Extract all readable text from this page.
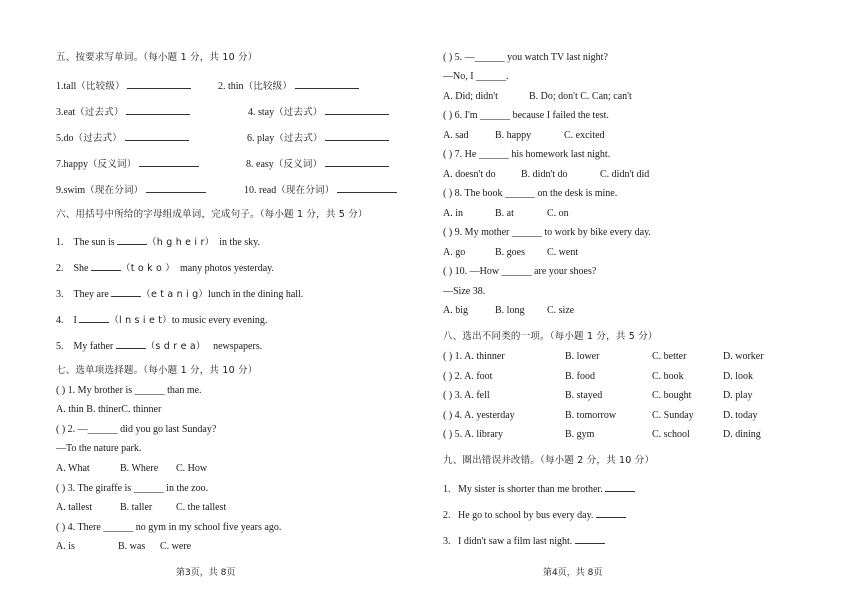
五、按要求写单词。（每小题 1 分，共 10 分）
1.tall（比较级）	2. thin（比较级）
3.eat（过去式）	4. stay（过去式）
5.do（过去式）	6. play（过去式）
7.happy（反义词）	8. easy（反义词）
9.swim（现在分词）	10. read（现在分词）
六、用括号中所给的字母组成单词，完成句子。（每小题 1 分，共 5 分）
1. The sun is	（h g h e i r） in the sky.
2. She	（t o k o ） many photos yesterday.
3. They are	（e t a n i g）lunch in the dining hall.
4. I	（l n s i e t）to music every evening.
5. My father	（s d r e a） newspapers.
七、选单项选择题。（每小题 1 分，共 10 分）
( ) 1. My brother is ______ than me.
A. thin B. thinerC. thinner
( ) 2. —______ did you go last Sunday?
—To the nature park.
A. What	B. Where C. How
( ) 3. The giraffe is ______ in the zoo.
A. tallest	B. taller C. the tallest
( ) 4. There ______ no gym in my school five years ago.
A. is	B. was C. were
第3页，共 8页
( ) 5. —______ you watch TV last night?
—No, I ______.
A. Did; didn't	B. Do; don't C. Can; can't
( ) 6. I'm ______ because I failed the test.
A. sad	B. happy	C. excited
( ) 7. He ______ his homework last night.
A. doesn't do	B. didn't do	C. didn't did
( ) 8. The book ______ on the desk is mine.
A. in	B. at	C. on
( ) 9. My mother ______ to work by bike every day.
A. go	B. goes C. went
( ) 10. —How ______ are your shoes?
—Size 38.
A. big	B. long C. size
八、选出不同类的一项。（每小题 1 分，共 5 分）
( ) 1. A. thinner	B. lower	C. better	D. worker
( ) 2. A. foot	B. food	C. book	D. look
( ) 3. A. fell	B. stayed	C. bought	D. play
( ) 4. A. yesterday	B. tomorrow	C. Sunday	D. today
( ) 5. A. library	B. gym	C. school	D. dining
九、圈出错误并改错。（每小题 2 分，共 10 分）
1. My sister is shorter than me brother.
2. He go to school by bus every day.
3. I didn't saw a film last night.
第4页，共 8页
